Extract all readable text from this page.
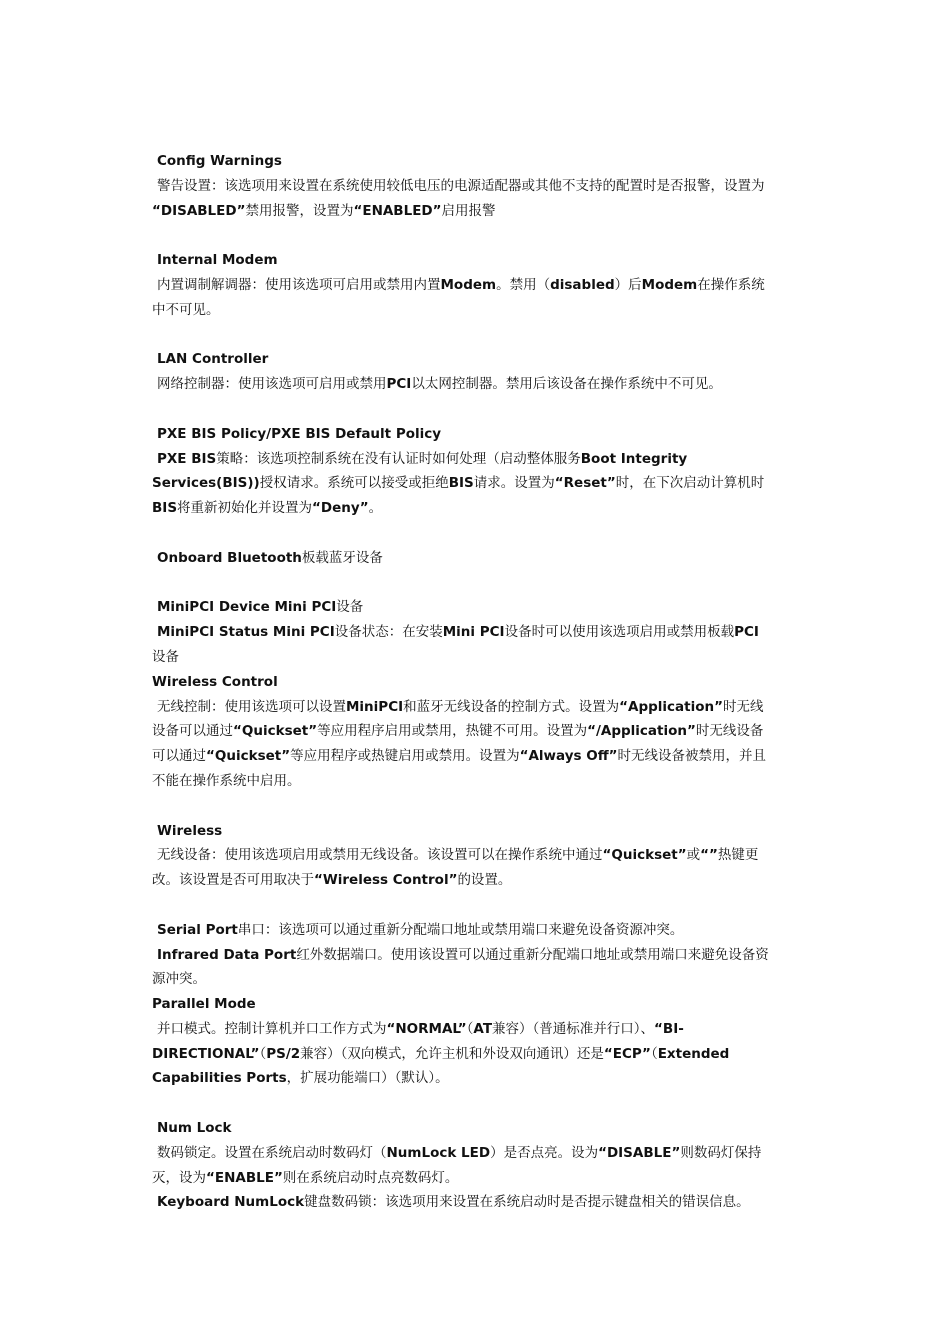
Config Warnings
警告设置：该选项用来设置在系统使用较低电压的电源适配器或其他不支持的配置时是否报警，设置为
“DISABLED”禁用报警，设置为“ENABLED”启用报警
Internal Modem
内置调制解调器：使用该选项可启用或禁用内置Modem。禁用（disabled）后Modem在操作系统
中不可见。
LAN Controller
网络控制器：使用该选项可启用或禁用PCI以太网控制器。禁用后该设备在操作系统中不可见。
PXE BIS Policy/PXE BIS Default Policy
PXE BIS策略：该选项控制系统在没有认证时如何处理（启动整体服务Boot Integrity
Services(BIS))授权请求。系统可以接受或拒绝BIS请求。设置为“Reset”时，在下次启动计算机时
BIS将重新初始化并设置为“Deny”。
Onboard Bluetooth板载蓝牙设备
MiniPCI Device Mini PCI设备
MiniPCI Status Mini PCI设备状态：在安装Mini PCI设备时可以使用该选项启用或禁用板载PCI
设备
Wireless Control
无线控制：使用该选项可以设置MiniPCI和蓝牙无线设备的控制方式。设置为“Application”时无线
设备可以通过“Quickset”等应用程序启用或禁用，热键不可用。设置为“/Application”时无线设备
可以通过“Quickset”等应用程序或热键启用或禁用。设置为“Always Off”时无线设备被禁用，并且
不能在操作系统中启用。
Wireless
无线设备：使用该选项启用或禁用无线设备。该设置可以在操作系统中通过“Quickset”或“”热键更
改。该设置是否可用取决于“Wireless Control”的设置。
Serial Port串口：该选项可以通过重新分配端口地址或禁用端口来避免设备资源冲突。
Infrared Data Port红外数据端口。使用该设置可以通过重新分配端口地址或禁用端口来避免设备资
源冲突。
Parallel Mode
并口模式。控制计算机并口工作方式为“NORMAL”（AT兼容）（普通标准并行口）、“BI-
DIRECTIONAL”（PS/2兼容）（双向模式，允许主机和外设双向通讯）还是“ECP”（Extended
Capabilities Ports，扩展功能端口）（默认）。
Num Lock
数码锁定。设置在系统启动时数码灯（NumLock LED）是否点亮。设为“DISABLE”则数码灯保持
灭，设为“ENABLE”则在系统启动时点亮数码灯。
Keyboard NumLock键盘数码锁：该选项用来设置在系统启动时是否提示键盘相关的错误信息。
